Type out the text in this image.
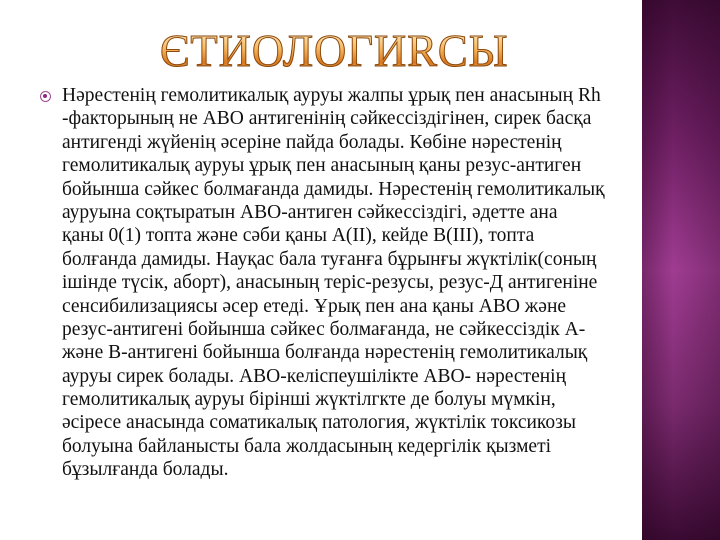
ЄТИОЛОГИRCЫ
Нәрестенің гемолитикалық ауруы жалпы ұрық пен анасының Rh
-факторының не АВО антигенінің сәйкессіздігінен, сирек басқа
антигенді жүйенің әсеріне пайда болады. Көбіне нәрестенің
гемолитикалық ауруы ұрық пен анасының қаны резус-антиген
бойынша сәйкес болмағанда дамиды. Нәрестенің гемолитикалық
ауруына соқтыратын АВО-антиген сәйкессіздігі, әдетте ана
қаны 0(1) топта және сәби қаны А(II), кейде В(III), топта
болғанда дамиды. Науқас бала туғанға бұрынғы жүктілік(соның
ішінде түсік, аборт), анасының теріс-резусы, резус-Д антигеніне
сенсибилизациясы әсер етеді. Ұрық пен ана қаны АВО және
резус-антигені бойынша сәйкес болмағанда, не сәйкессіздік А-
және В-антигені бойынша болғанда нәрестенің гемолитикалық
ауруы сирек болады. АВО-келіспеушілікте АВО- нәрестенің
гемолитикалық ауруы бірінші жүктілгкте де болуы мүмкін,
әсіресе анасында соматикалық патология, жүктілік токсикозы
болуына байланысты бала жолдасының кедергілік қызметі
бұзылғанда болады.
